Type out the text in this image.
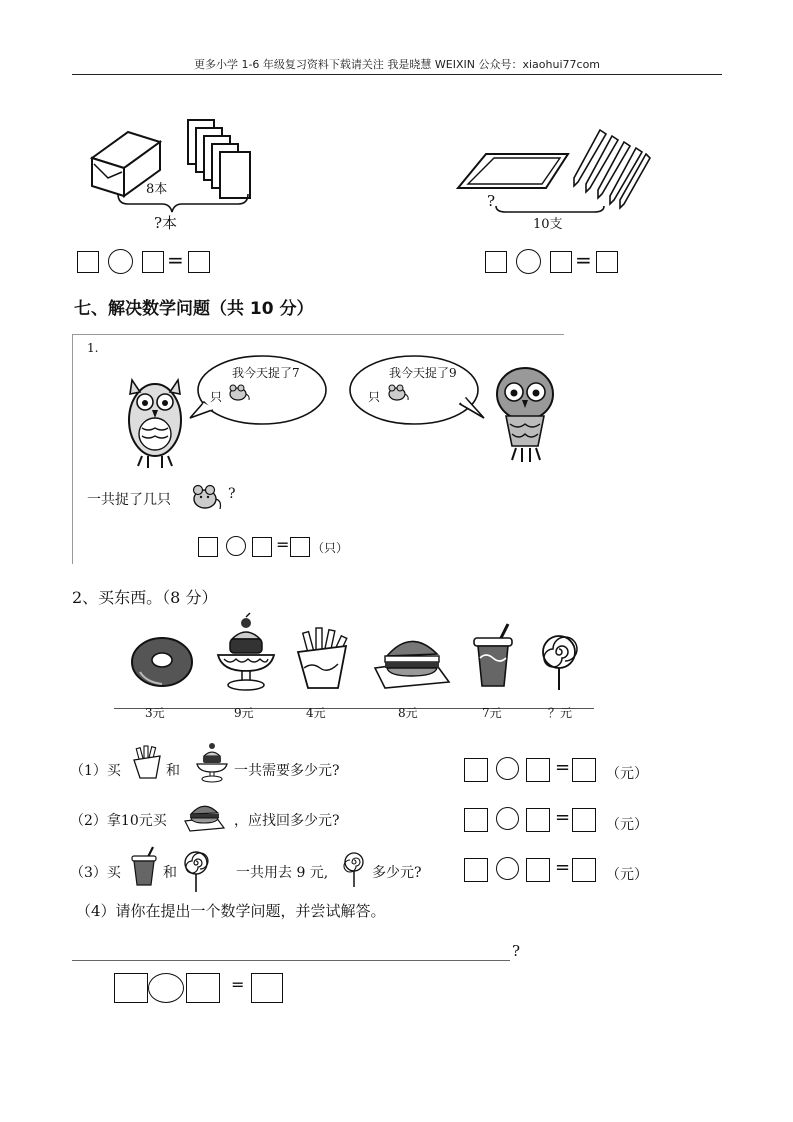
更多小学 1-6 年级复习资料下载请关注 我是晓慧 WEIXIN 公众号：xiaohui77com
8本
?本
=
?
10支
=
七、解决数学问题（共 10 分）
1.
我今天捉了7
只
我今天捉了9
只
一共捉了几只	?
= （只）
2、买东西。（8 分）
3元	9元	4元	8元	7元	？元
（1）买	和	一共需要多少元?	=	（元）
（2）拿10元买	，应找回多少元?	=	（元）
（3）买	和	一共用去 9 元,	多少元?	=	（元）
（4）请你在提出一个数学问题，并尝试解答。
?
=
